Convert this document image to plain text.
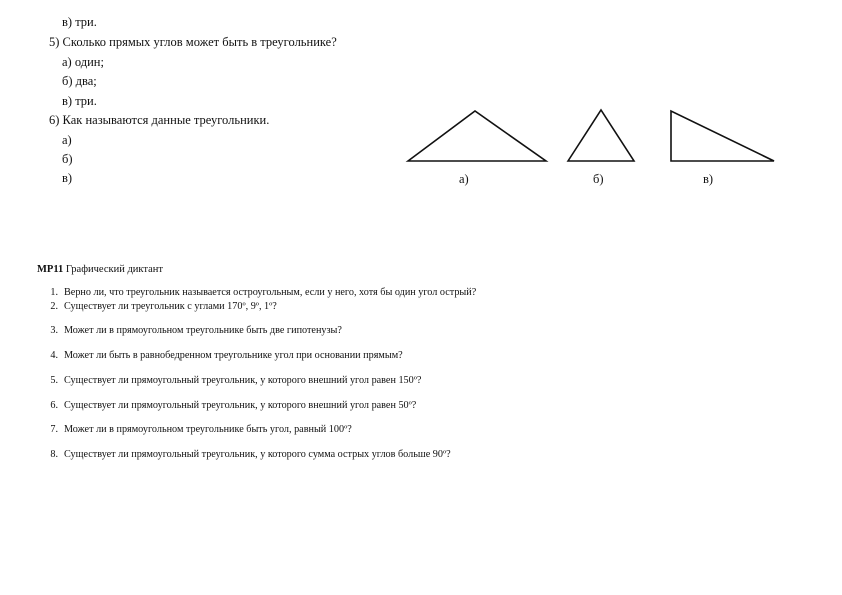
в) три.
5) Сколько прямых углов может быть в треугольнике?
а) один;
б) два;
в) три.
6) Как называются данные треугольники.
а)
б)
в)	а)	б)	в)
МР11 Графический диктант
1. Верно ли, что треугольник называется остроугольным, если у него, хотя бы один угол острый?
2. Существует ли треугольник с углами 170º, 9º, 1º?
3. Может ли в прямоугольном треугольнике быть две гипотенузы?
4. Может ли быть в равнобедренном треугольнике угол при основании прямым?
5. Существует ли прямоугольный треугольник, у которого внешний угол равен 150º?
6. Существует ли прямоугольный треугольник, у которого внешний угол равен 50º?
7. Может ли в прямоугольном треугольнике быть угол, равный 100º?
8. Существует ли прямоугольный треугольник, у которого сумма острых углов больше 90º?
